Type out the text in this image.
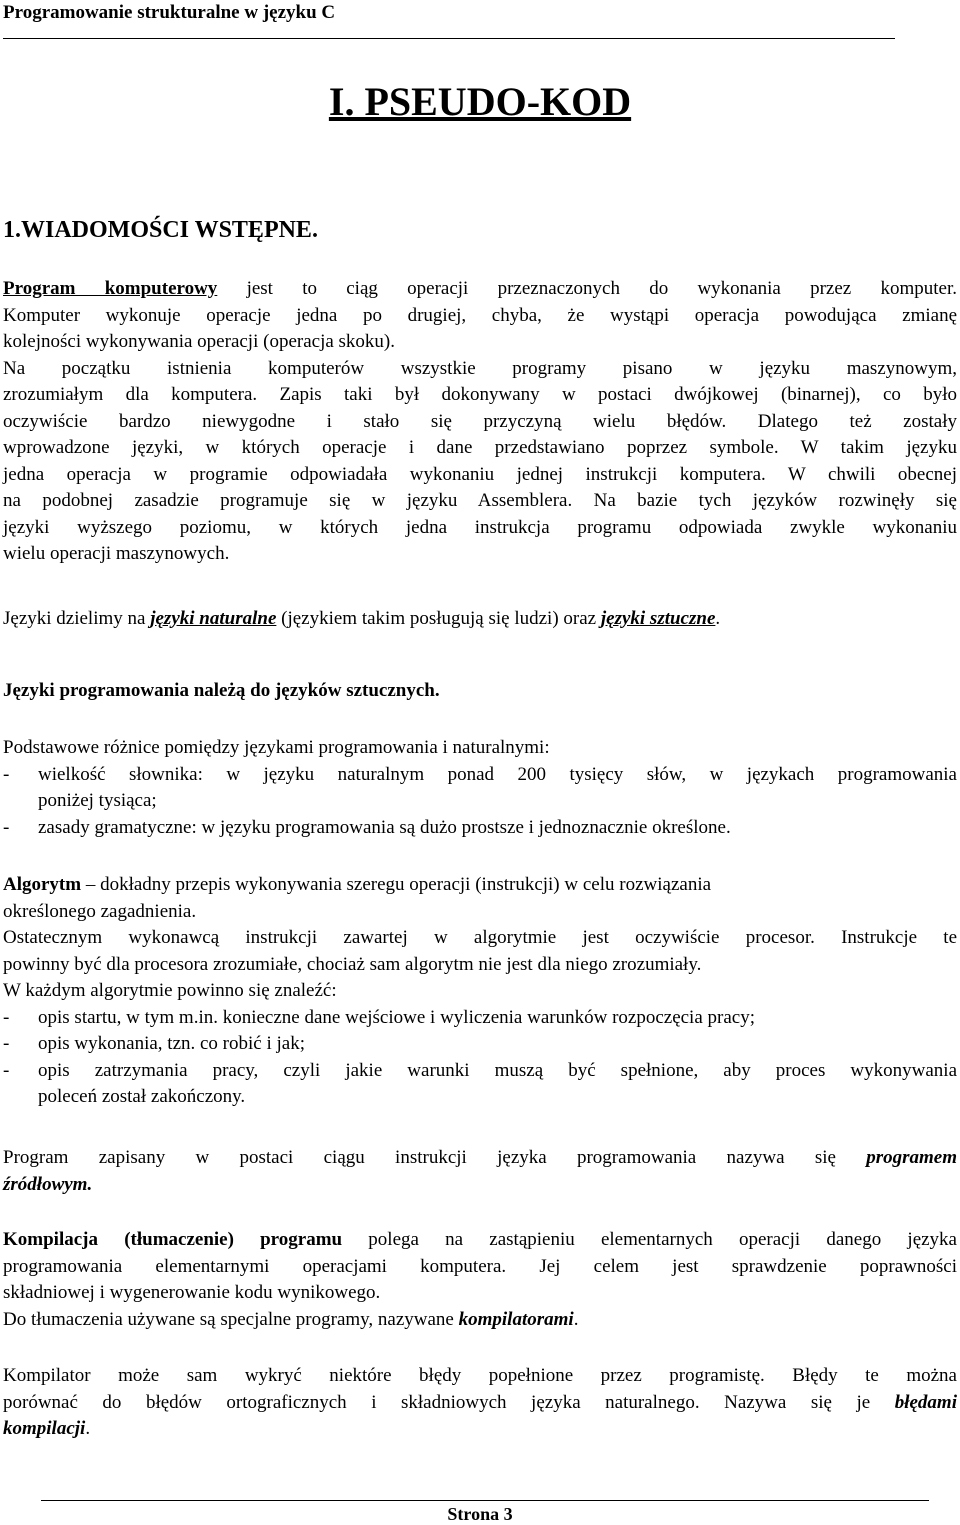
Programowanie strukturalne w języku C
I. PSEUDO-KOD
1.WIADOMOŚCI WSTĘPNE.
Program komputerowy jest to ciąg operacji przeznaczonych do wykonania przez komputer.
Komputer wykonuje operacje jedna po drugiej, chyba, że wystąpi operacja powodująca zmianę
kolejności wykonywania operacji (operacja skoku).
Na początku istnienia komputerów wszystkie programy pisano w języku maszynowym,
zrozumiałym dla komputera. Zapis taki był dokonywany w postaci dwójkowej (binarnej), co było
oczywiście bardzo niewygodne i stało się przyczyną wielu błędów. Dlatego też zostały
wprowadzone języki, w których operacje i dane przedstawiano poprzez symbole. W takim języku
jedna operacja w programie odpowiadała wykonaniu jednej instrukcji komputera. W chwili obecnej
na podobnej zasadzie programuje się w języku Assemblera. Na bazie tych języków rozwinęły się
języki wyższego poziomu, w których jedna instrukcja programu odpowiada zwykle wykonaniu
wielu operacji maszynowych.
Języki dzielimy na języki naturalne (językiem takim posługują się ludzi) oraz języki sztuczne.
Języki programowania należą do języków sztucznych.
Podstawowe różnice pomiędzy językami programowania i naturalnymi:
- wielkość słownika: w języku naturalnym ponad 200 tysięcy słów, w językach programowania
poniżej tysiąca;
- zasady gramatyczne: w języku programowania są dużo prostsze i jednoznacznie określone.
Algorytm – dokładny przepis wykonywania szeregu operacji (instrukcji) w celu rozwiązania
określonego zagadnienia.
Ostatecznym wykonawcą instrukcji zawartej w algorytmie jest oczywiście procesor. Instrukcje te
powinny być dla procesora zrozumiałe, chociaż sam algorytm nie jest dla niego zrozumiały.
W każdym algorytmie powinno się znaleźć:
- opis startu, w tym m.in. konieczne dane wejściowe i wyliczenia warunków rozpoczęcia pracy;
- opis wykonania, tzn. co robić i jak;
- opis zatrzymania pracy, czyli jakie warunki muszą być spełnione, aby proces wykonywania
poleceń został zakończony.
Program zapisany w postaci ciągu instrukcji języka programowania nazywa się programem
źródłowym.
Kompilacja (tłumaczenie) programu polega na zastąpieniu elementarnych operacji danego języka
programowania elementarnymi operacjami komputera. Jej celem jest sprawdzenie poprawności
składniowej i wygenerowanie kodu wynikowego.
Do tłumaczenia używane są specjalne programy, nazywane kompilatorami.
Kompilator może sam wykryć niektóre błędy popełnione przez programistę. Błędy te można
porównać do błędów ortograficznych i składniowych języka naturalnego. Nazywa się je błędami
kompilacji.
Strona 3
